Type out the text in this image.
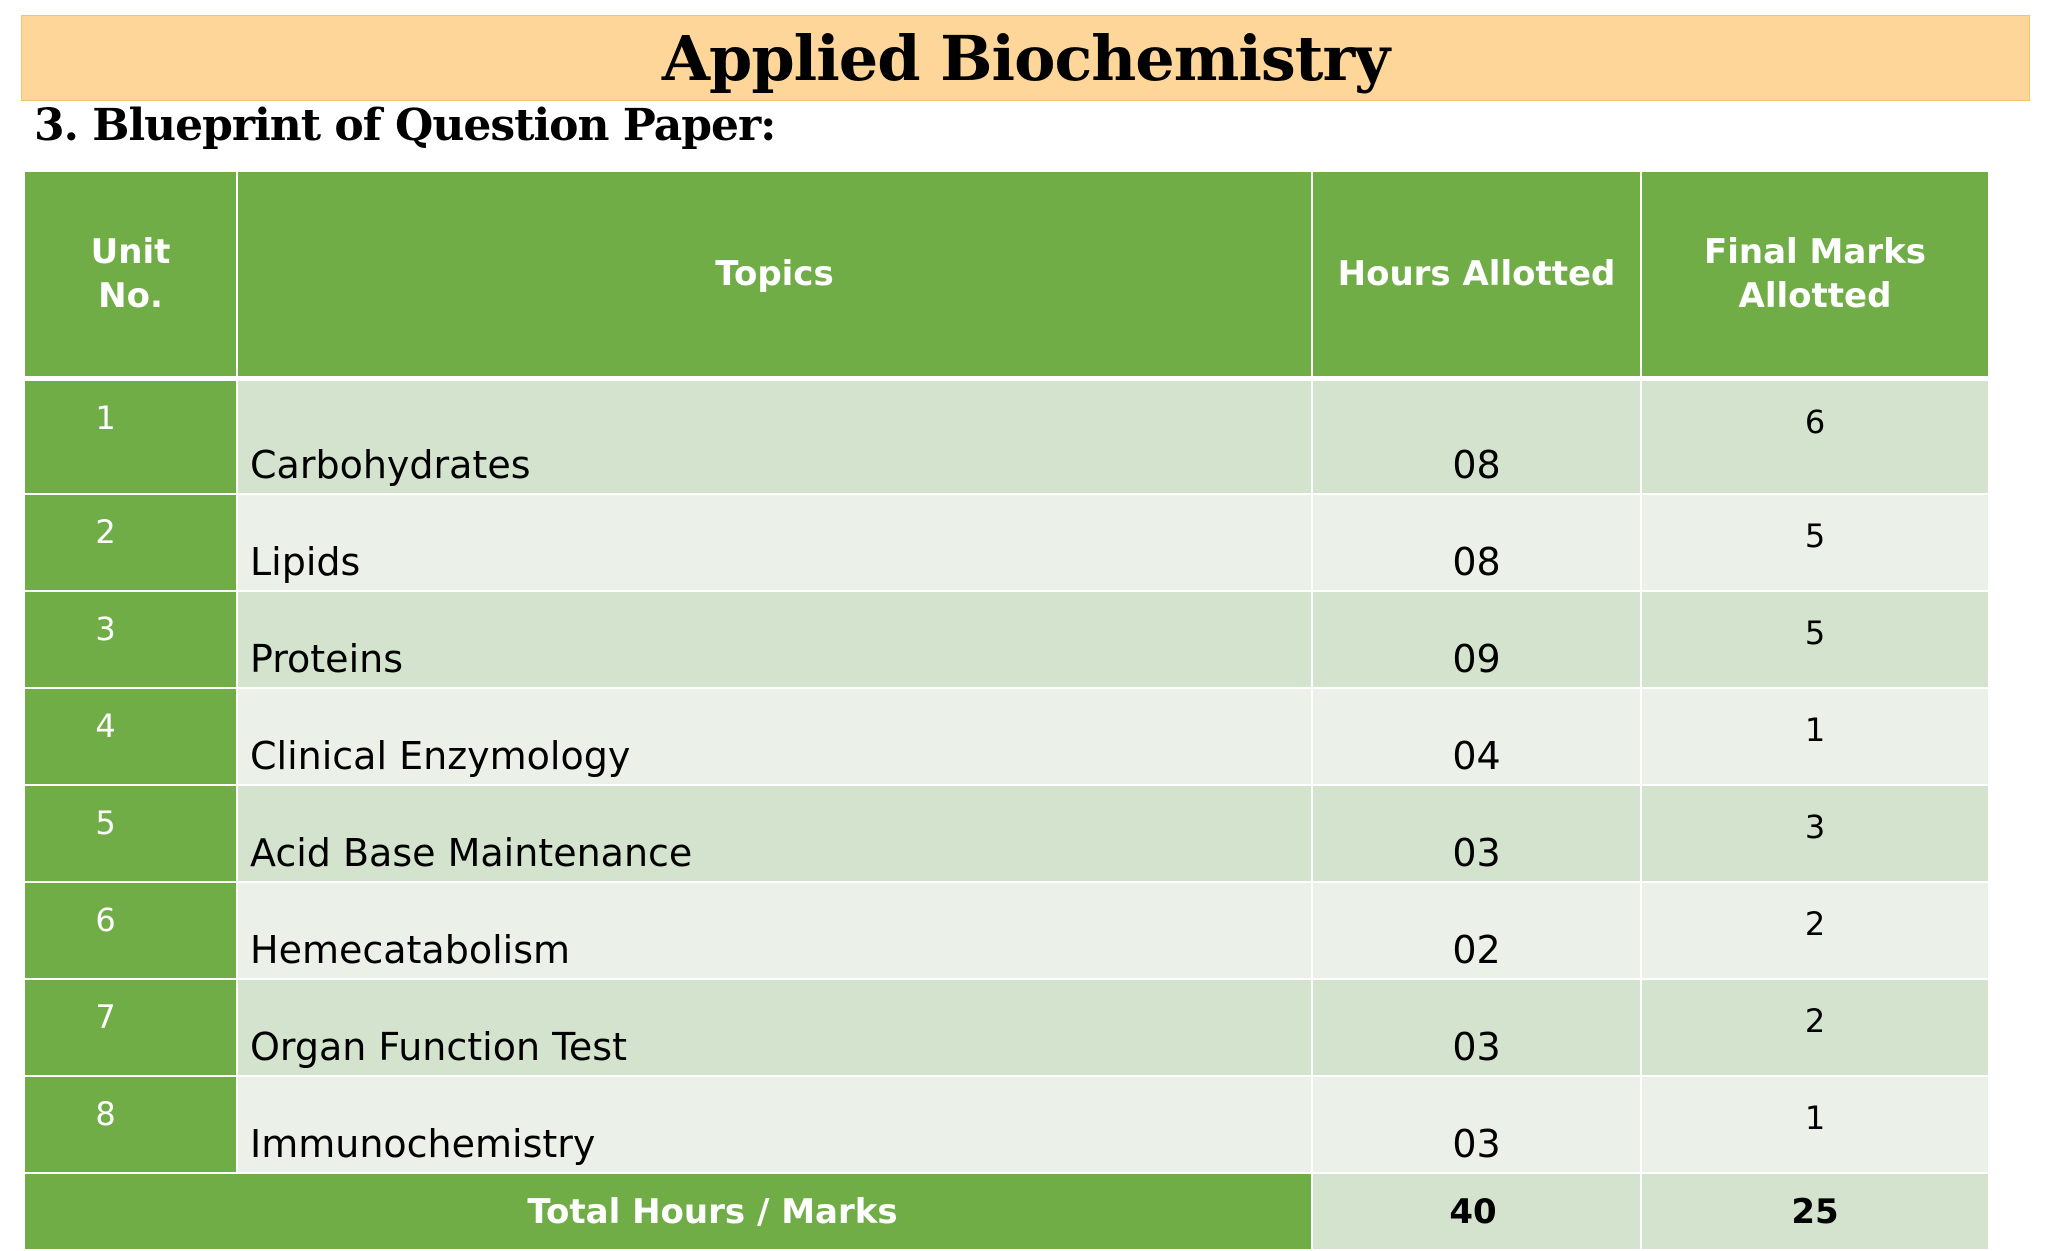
Applied Biochemistry
3. Blueprint of Question Paper:
Unit
No.	Topics	Hours Allotted	Final Marks
Allotted
1	Carbohydrates	08	6
2	Lipids	08	5
3	Proteins	09	5
4	Clinical Enzymology	04	1
5	Acid Base Maintenance	03	3
6	Hemecatabolism	02	2
7	Organ Function Test	03	2
8	Immunochemistry	03	1
Total Hours / Marks		40	25
